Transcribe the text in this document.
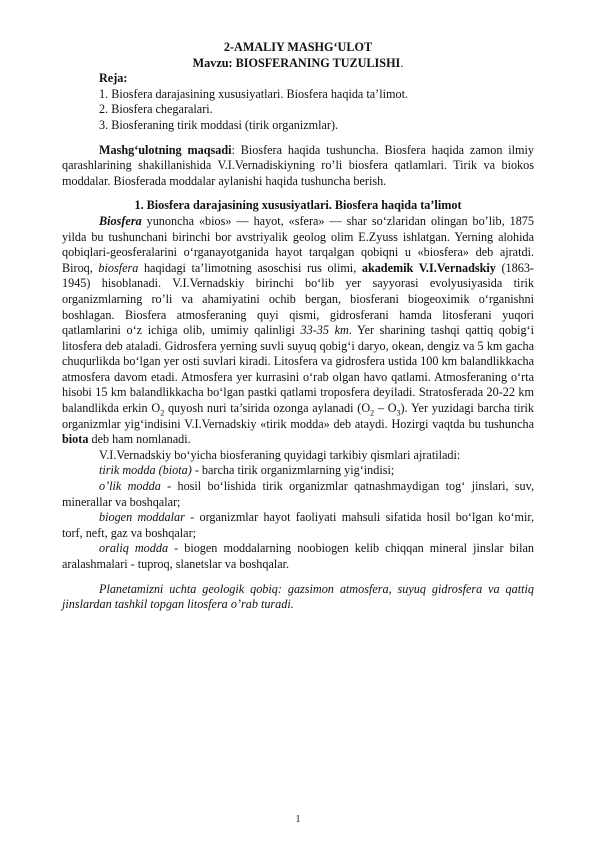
2-AMALIY MASHG‘ULOT

Mavzu: BIOSFERANING TUZULISHI.

Reja:

1. Biosfera darajasining xususiyatlari. Biosfera haqida ta’limot.

2. Biosfera chegaralari.

3. Biosferaning tirik moddasi (tirik organizmlar).

Mashg‘ulotning maqsadi: Biosfera haqida tushuncha. Biosfera haqida zamon ilmiy qarashlarining shakillanishida V.I.Vernadiskiyning ro’li biosfera qatlamlari. Tirik va biokos moddalar. Biosferada moddalar aylanishi haqida tushuncha berish.

1. Biosfera darajasining xususiyatlari. Biosfera haqida ta’limot

Biosfera yunoncha «bios» — hayot, «sfera» — shar so‘zlaridan olingan bo’lib, 1875 yilda bu tushunchani birinchi bor avstriyalik geolog olim E.Zyuss ishlatgan. Yerning alohida qobiqlari-geosferalarini o‘rganayotganida hayot tarqalgan qobiqni u «biosfera» deb ajratdi. Biroq, biosfera haqidagi ta’limotning asoschisi rus olimi, akademik V.I.Vernadskiy (1863-1945) hisoblanadi. V.I.Vernadskiy birinchi bo‘lib yer sayyorasi evolyusiyasida tirik organizmlarning ro’li va ahamiyatini ochib bergan, biosferani biogeoximik o‘rganishni boshlagan. Biosfera atmosferaning quyi qismi, gidrosferani hamda litosferani yuqori qatlamlarini o‘z ichiga olib, umimiy qalinligi 33-35 km. Yer sharining tashqi qattiq qobig‘i litosfera deb ataladi. Gidrosfera yerning suvli suyuq qobig‘i daryo, okean, dengiz va 5 km gacha chuqurlikda bo‘lgan yer osti suvlari kiradi. Litosfera va gidrosfera ustida 100 km balandlikkacha atmosfera davom etadi. Atmosfera yer kurrasini o‘rab olgan havo qatlami. Atmosferaning o‘rta hisobi 15 km balandlikkacha bo‘lgan pastki qatlami troposfera deyiladi. Stratosferada 20-22 km balandlikda erkin $O_2$ quyosh nuri ta’sirida ozonga aylanadi $(O_2 - O_3)$. Yer yuzidagi barcha tirik organizmlar yig‘indisini V.I.Vernadskiy «tirik modda» deb ataydi. Hozirgi vaqtda bu tushuncha biota deb ham nomlanadi.

V.I.Vernadskiy bo‘yicha biosferaning quyidagi tarkibiy qismlari ajratiladi:

tirik modda (biota) - barcha tirik organizmlarning yig‘indisi;

o’lik modda - hosil bo‘lishida tirik organizmlar qatnashmaydigan tog‘ jinslari, suv, minerallar va boshqalar;

biogen moddalar - organizmlar hayot faoliyati mahsuli sifatida hosil bo‘lgan ko‘mir, torf, neft, gaz va boshqalar;

oraliq modda - biogen moddalarning noobiogen kelib chiqqan mineral jinslar bilan aralashmalari - tuproq, slanetslar va boshqalar.

Planetamizni uchta geologik qobiq: gazsimon atmosfera, suyuq gidrosfera va qattiq jinslardan tashkil topgan litosfera o’rab turadi.

1
